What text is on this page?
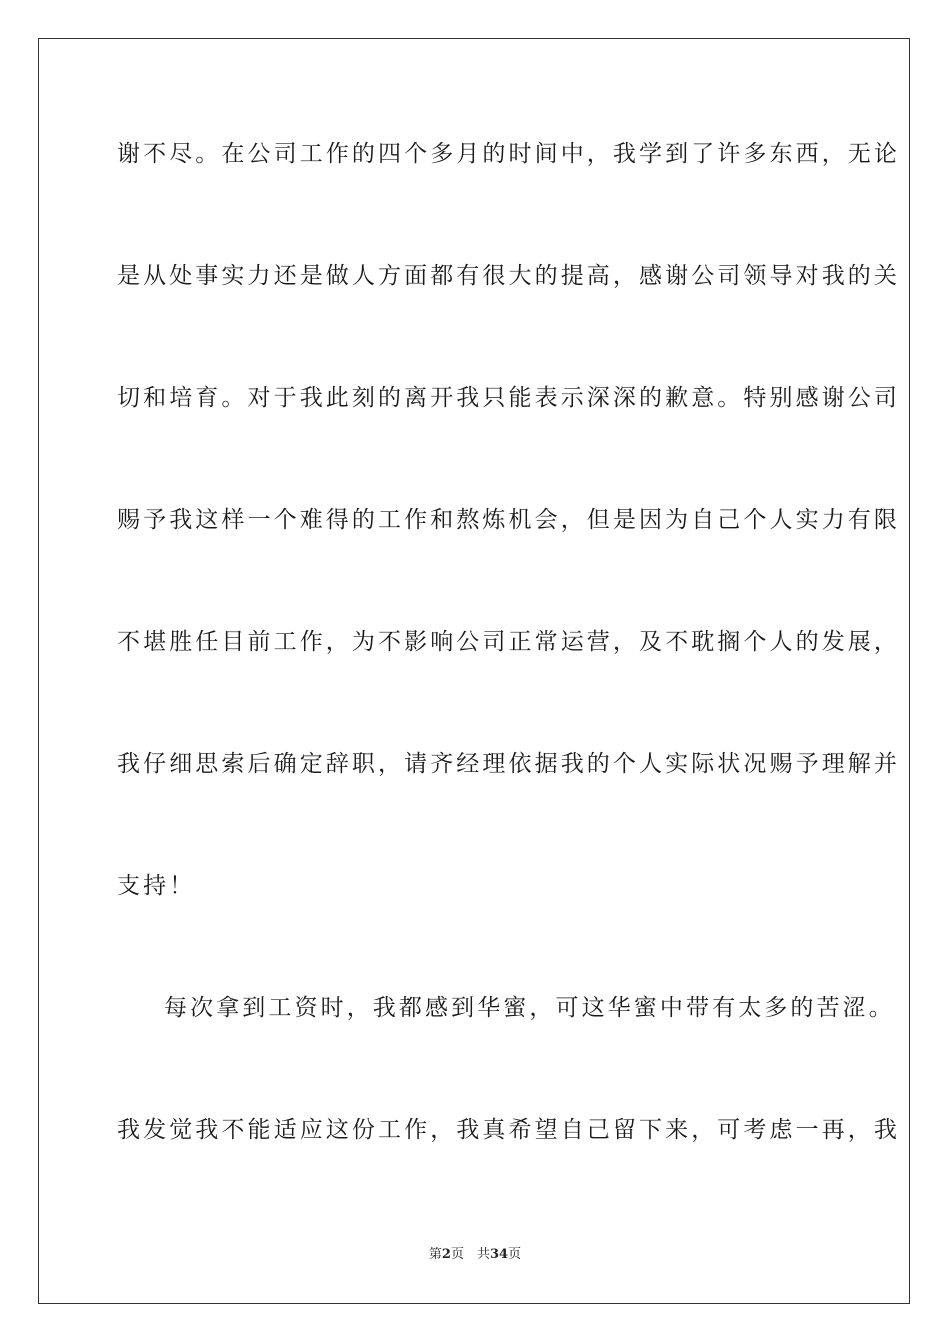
谢不尽。在公司工作的四个多月的时间中，我学到了许多东西，无论
是从处事实力还是做人方面都有很大的提高，感谢公司领导对我的关
切和培育。对于我此刻的离开我只能表示深深的歉意。特别感谢公司
赐予我这样一个难得的工作和熬炼机会，但是因为自己个人实力有限
不堪胜任目前工作，为不影响公司正常运营，及不耽搁个人的发展，
我仔细思索后确定辞职，请齐经理依据我的个人实际状况赐予理解并
支持！
每次拿到工资时，我都感到华蜜，可这华蜜中带有太多的苦涩。
我发觉我不能适应这份工作，我真希望自己留下来，可考虑一再，我
第2页　共34页
